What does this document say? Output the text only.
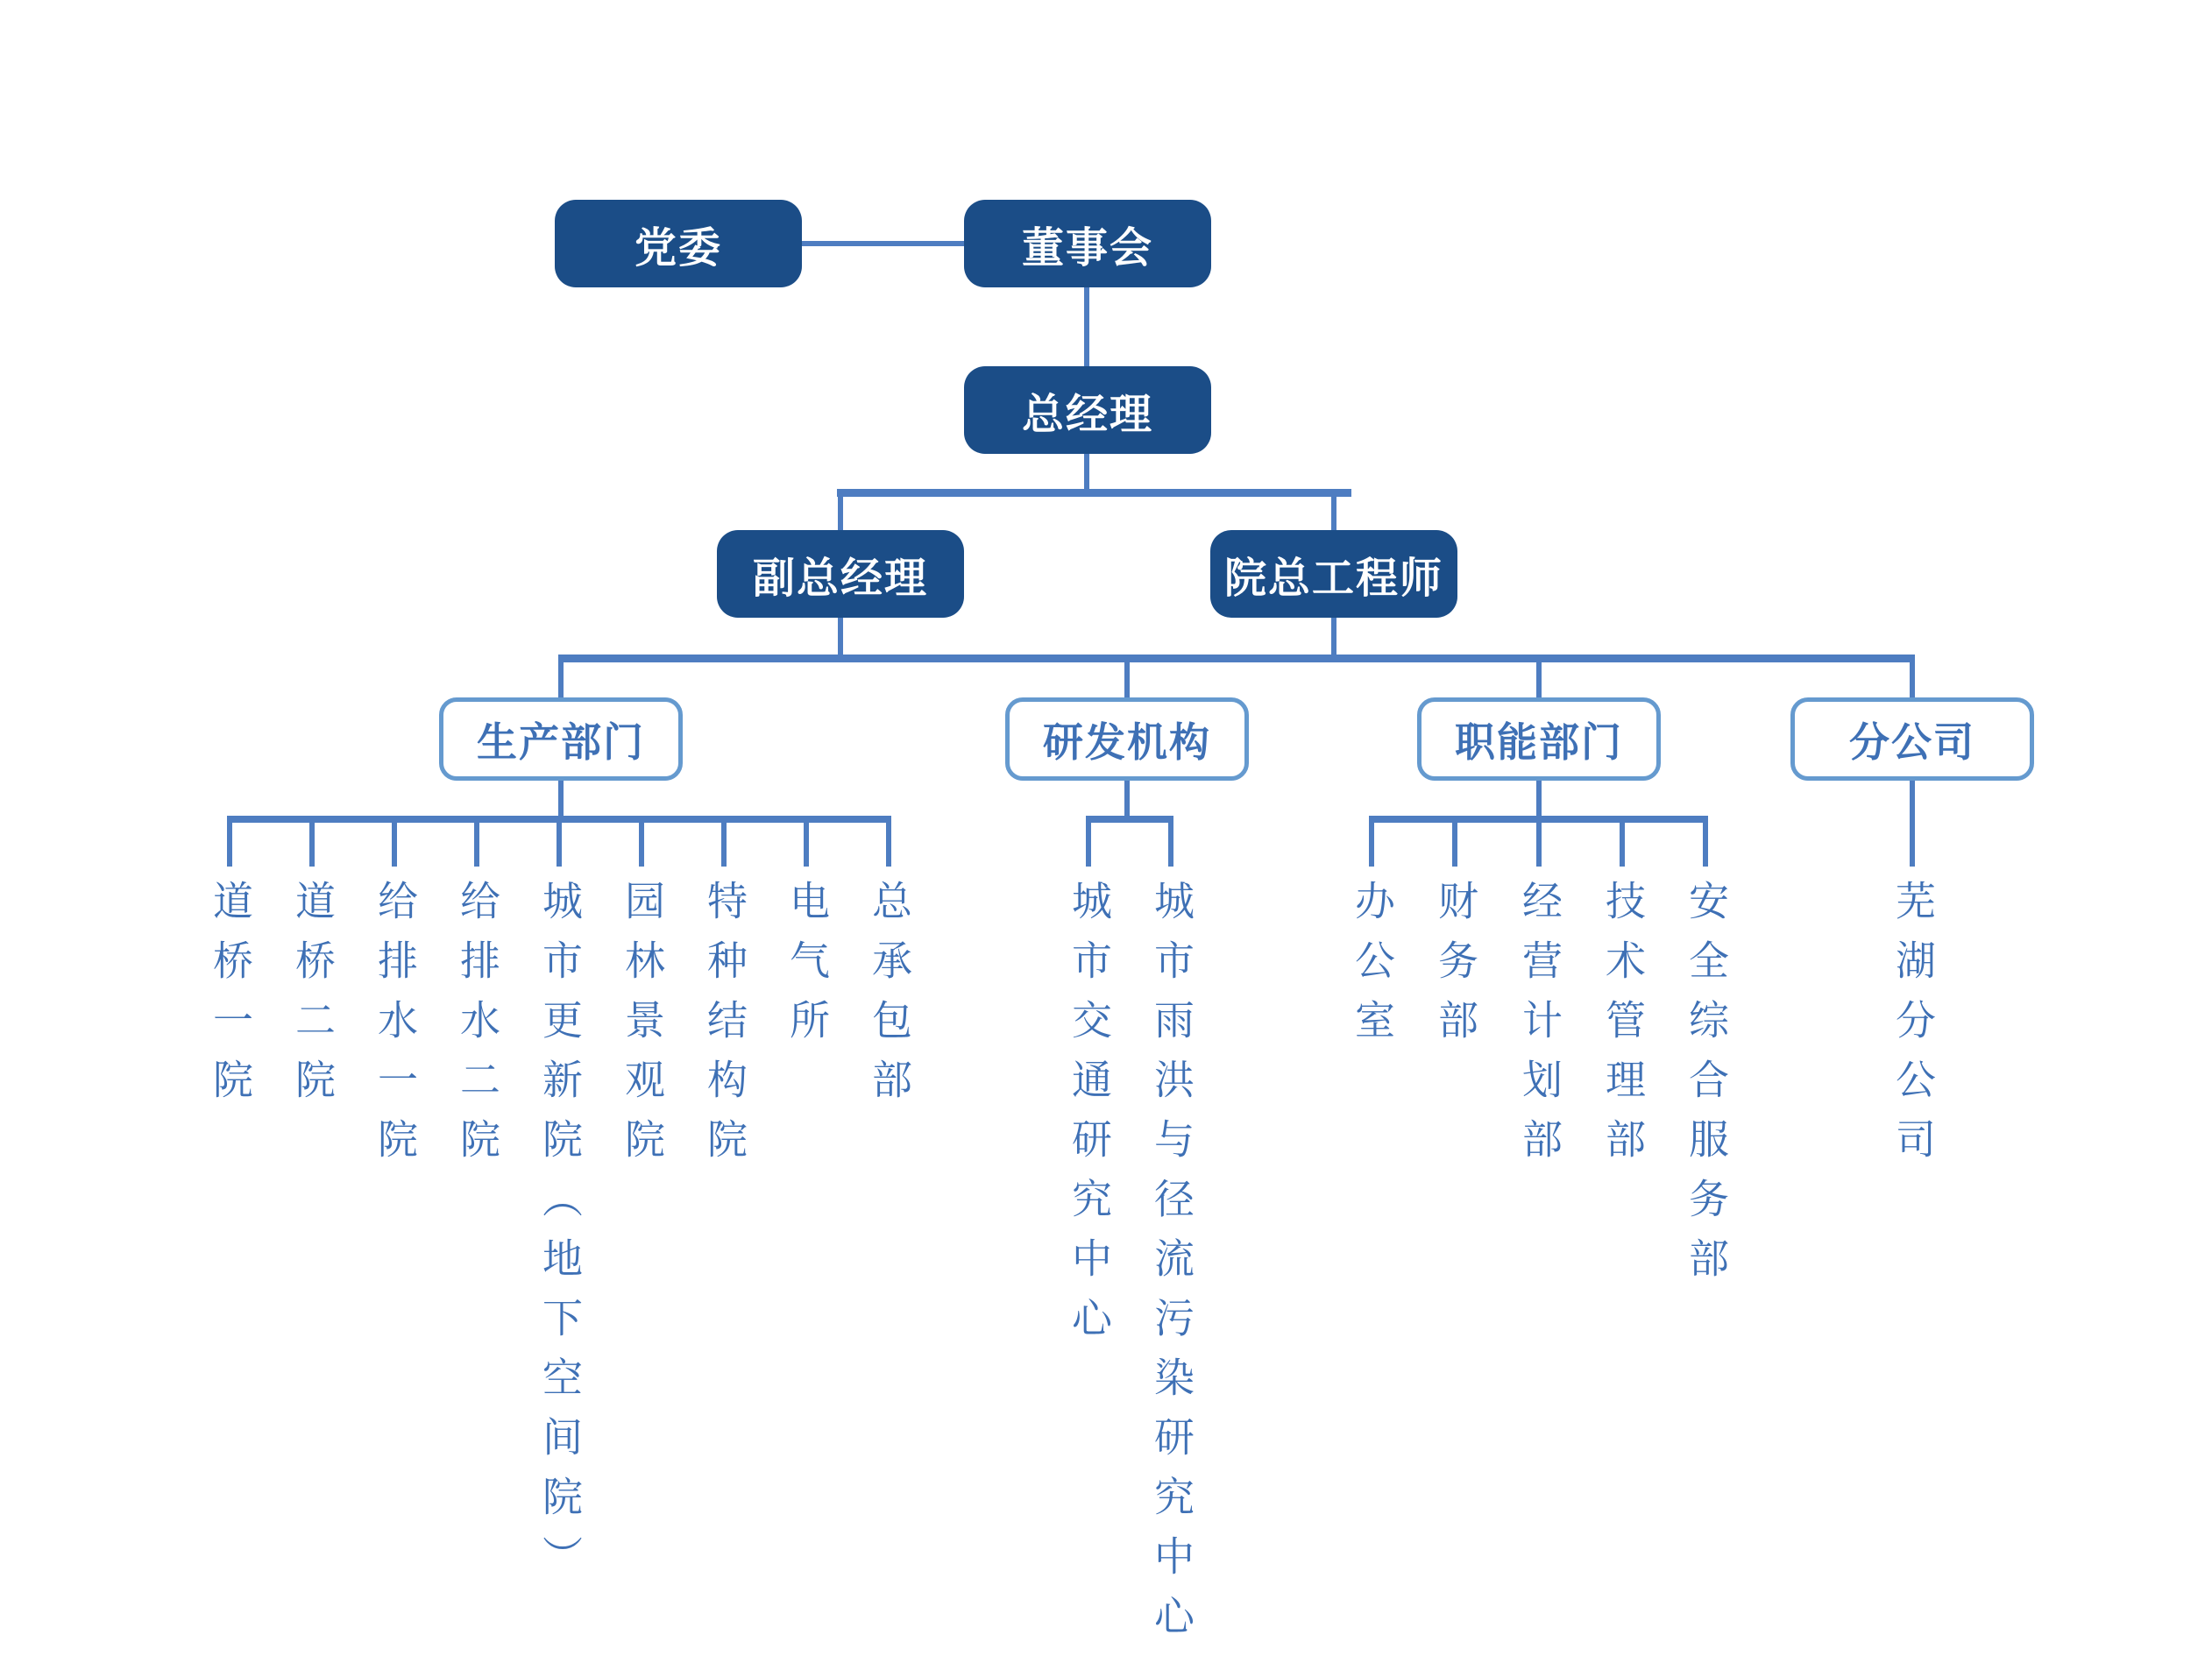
党委	董事会
总经理
副总经理	院总工程师
生产部门	研发机构	职能部门	分公司
道桥一院 道桥二院 给排水一院 给排水二院 城市更新院（地下空间院） 园林景观院 特种结构院 电气所 总承包部	城市交通研究中心 城市雨洪与径流污染研究中心	办公室 财务部 经营计划部 技术管理部 安全综合服务部	芜湖分公司
